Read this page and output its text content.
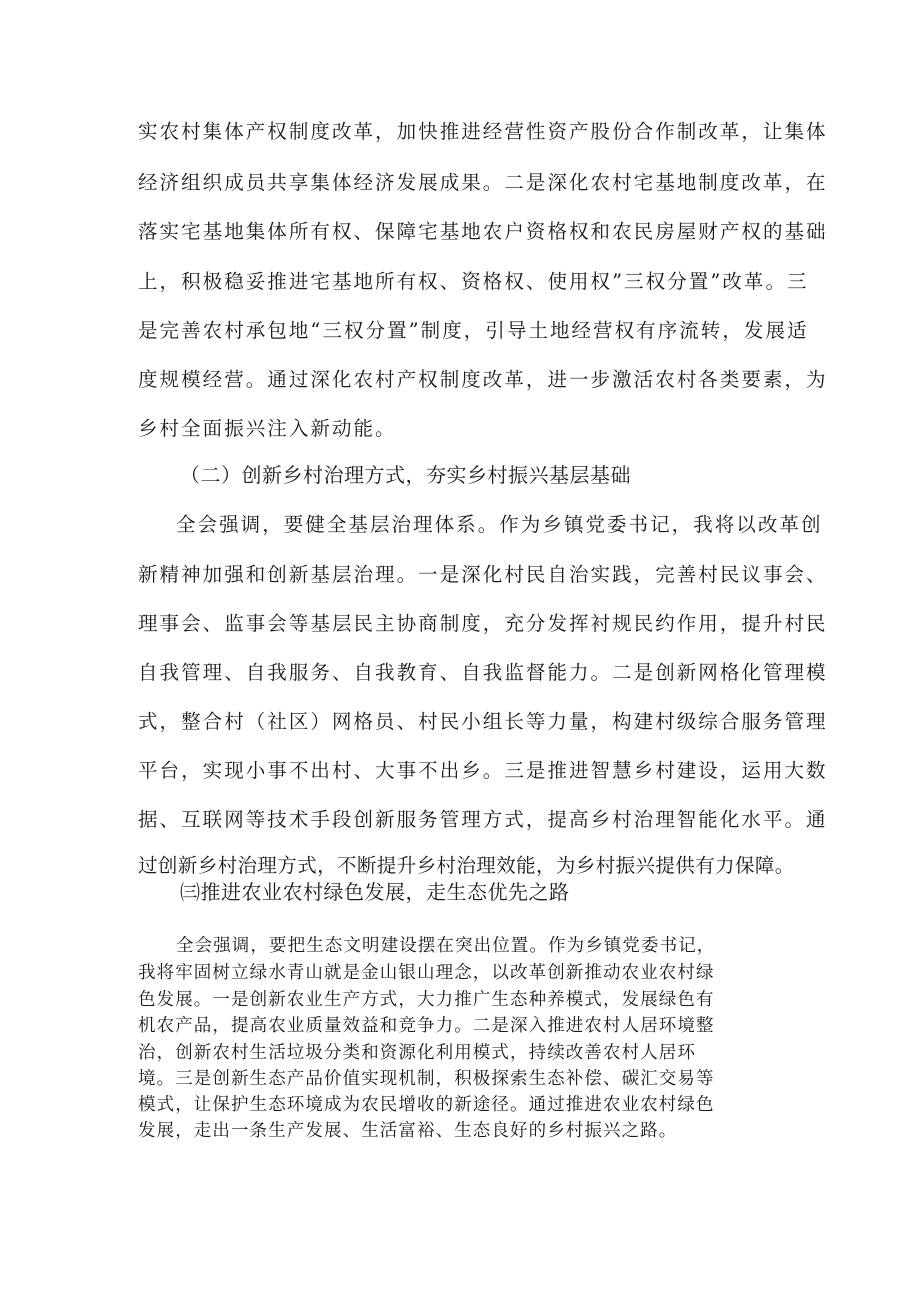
实农村集体产权制度改革，加快推进经营性资产股份合作制改革，让集体
经济组织成员共享集体经济发展成果。二是深化农村宅基地制度改革，在
落实宅基地集体所有权、保障宅基地农户资格权和农民房屋财产权的基础
上，积极稳妥推进宅基地所有权、资格权、使用权”三权分置”改革。三
是完善农村承包地“三权分置”制度，引导土地经营权有序流转，发展适
度规模经营。通过深化农村产权制度改革，进一步激活农村各类要素，为
乡村全面振兴注入新动能。
（二）创新乡村治理方式，夯实乡村振兴基层基础
全会强调，要健全基层治理体系。作为乡镇党委书记，我将以改革创
新精神加强和创新基层治理。一是深化村民自治实践，完善村民议事会、
理事会、监事会等基层民主协商制度，充分发挥衬规民约作用，提升村民
自我管理、自我服务、自我教育、自我监督能力。二是创新网格化管理模
式，整合村（社区）网格员、村民小组长等力量，构建村级综合服务管理
平台，实现小事不出村、大事不出乡。三是推进智慧乡村建设，运用大数
据、互联网等技术手段创新服务管理方式，提高乡村治理智能化水平。通
过创新乡村治理方式，不断提升乡村治理效能，为乡村振兴提供有力保障。
㈢推进农业农村绿色发展，走生态优先之路
全会强调，要把生态文明建设摆在突出位置。作为乡镇党委书记，
我将牢固树立绿水青山就是金山银山理念，以改革创新推动农业农村绿
色发展。一是创新农业生产方式，大力推广生态种养模式，发展绿色有
机农产品，提高农业质量效益和竞争力。二是深入推进农村人居环境整
治，创新农村生活垃圾分类和资源化利用模式，持续改善农村人居环
境。三是创新生态产品价值实现机制，积极探索生态补偿、碳汇交易等
模式，让保护生态环境成为农民增收的新途径。通过推进农业农村绿色
发展，走出一条生产发展、生活富裕、生态良好的乡村振兴之路。
